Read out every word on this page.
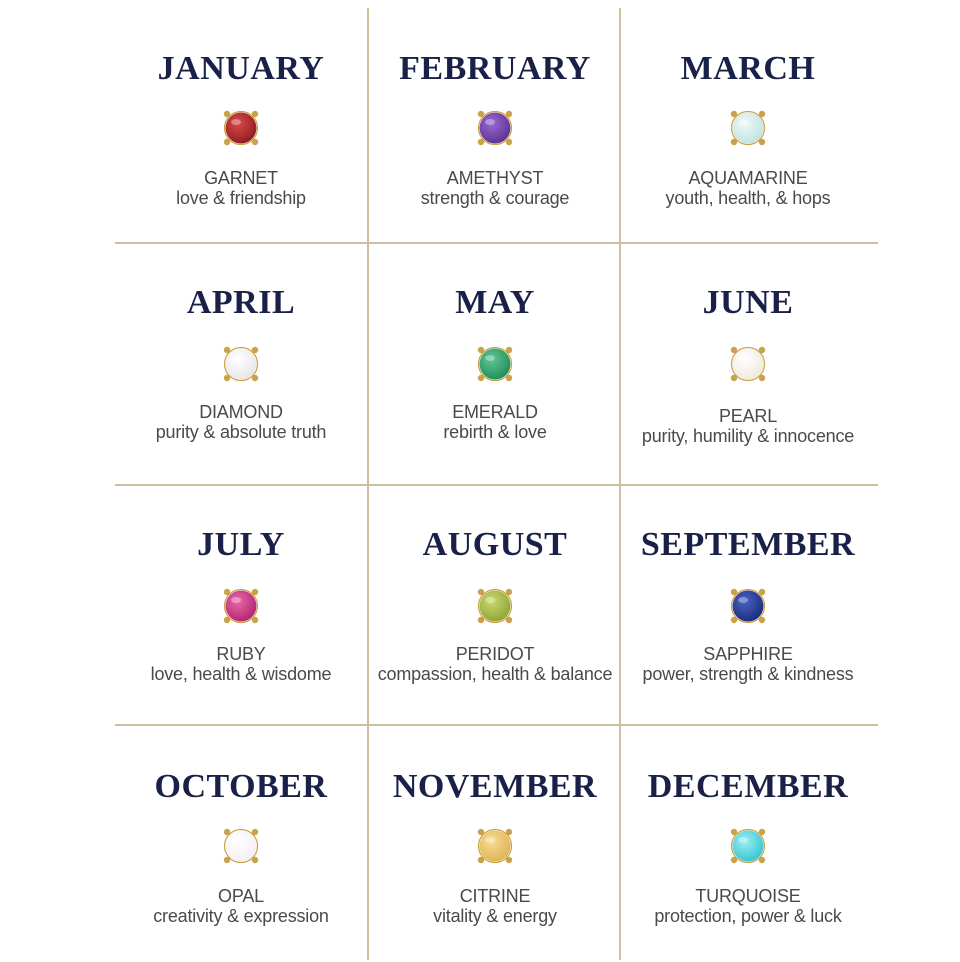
JANUARY
GARNET
love & friendship
FEBRUARY
AMETHYST
strength & courage
MARCH
AQUAMARINE
youth, health, & hops
APRIL
DIAMOND
purity & absolute truth
MAY
EMERALD
rebirth & love
JUNE
PEARL
purity, humility & innocence
JULY
RUBY
love, health & wisdome
AUGUST
PERIDOT
compassion, health & balance
SEPTEMBER
SAPPHIRE
power, strength & kindness
OCTOBER
OPAL
creativity & expression
NOVEMBER
CITRINE
vitality & energy
DECEMBER
TURQUOISE
protection, power & luck
